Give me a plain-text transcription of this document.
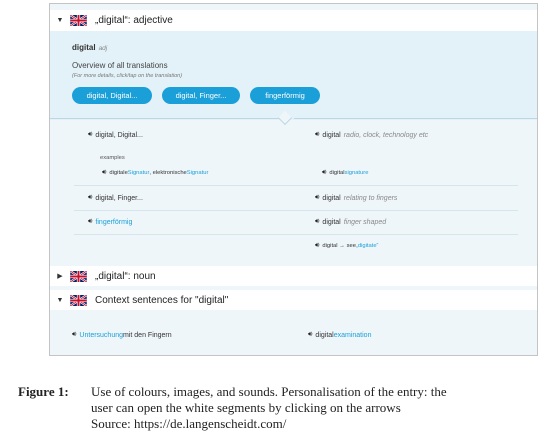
▼	„digital“: adjective
digital adj
Overview of all translations
(For more details, click/tap on the translation)
digital, Digital...	digital, Finger...	fingerförmig
🔊︎ digital, Digital...	🔊︎ digital radio, clock, technology etc
examples
🔊︎ digitale Signatur , elektronische Signatur	🔊︎ digital signature
🔊︎ digital, Finger...	🔊︎ digital relating to fingers
🔊︎ fingerförmig	🔊︎ digital finger shaped
🔊︎ digital → see „digitate“
▶	„digital“: noun
▼	Context sentences for "digital"
🔊︎ Untersuchung mit den Fingern	🔊︎ digital examination
Figure 1: Use of colours, images, and sounds. Personalisation of the entry: the
user can open the white segments by clicking on the arrows
Source: https://de.langenscheidt.com/
